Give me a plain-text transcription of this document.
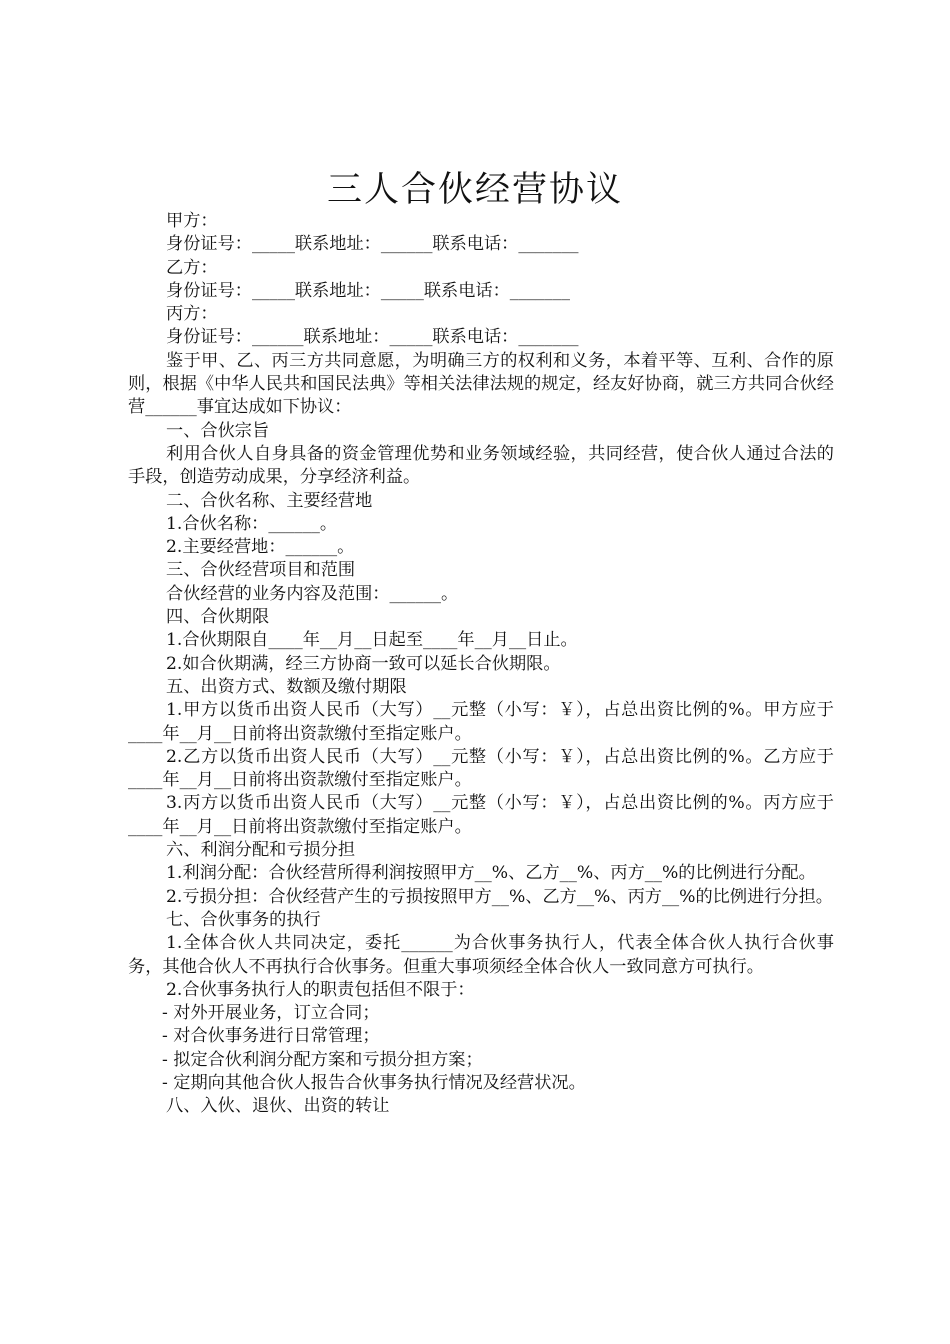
三人合伙经营协议

甲方：

身份证号：_____联系地址：______联系电话：_______

乙方：

身份证号：_____联系地址：_____联系电话：_______

丙方：

身份证号：______联系地址：_____联系电话：_______

鉴于甲、乙、丙三方共同意愿，为明确三方的权利和义务，本着平等、互利、合作的原则，根据《中华人民共和国民法典》等相关法律法规的规定，经友好协商，就三方共同合伙经营______事宜达成如下协议：

一、合伙宗旨

利用合伙人自身具备的资金管理优势和业务领域经验，共同经营，使合伙人通过合法的手段，创造劳动成果，分享经济利益。

二、合伙名称、主要经营地

1.合伙名称：______。

2.主要经营地：______。

三、合伙经营项目和范围

合伙经营的业务内容及范围：______。

四、合伙期限

1.合伙期限自____年__月__日起至____年__月__日止。

2.如合伙期满，经三方协商一致可以延长合伙期限。

五、出资方式、数额及缴付期限

1.甲方以货币出资人民币（大写）__元整（小写：￥），占总出资比例的%。甲方应于____年__月__日前将出资款缴付至指定账户。

2.乙方以货币出资人民币（大写）__元整（小写：￥），占总出资比例的%。乙方应于____年__月__日前将出资款缴付至指定账户。

3.丙方以货币出资人民币（大写）__元整（小写：￥），占总出资比例的%。丙方应于____年__月__日前将出资款缴付至指定账户。

六、利润分配和亏损分担

1.利润分配：合伙经营所得利润按照甲方__%、乙方__%、丙方__%的比例进行分配。

2.亏损分担：合伙经营产生的亏损按照甲方__%、乙方__%、丙方__%的比例进行分担。

七、合伙事务的执行

1.全体合伙人共同决定，委托______为合伙事务执行人，代表全体合伙人执行合伙事务，其他合伙人不再执行合伙事务。但重大事项须经全体合伙人一致同意方可执行。

2.合伙事务执行人的职责包括但不限于：

- 对外开展业务，订立合同；

- 对合伙事务进行日常管理；

- 拟定合伙利润分配方案和亏损分担方案；

- 定期向其他合伙人报告合伙事务执行情况及经营状况。

八、入伙、退伙、出资的转让
